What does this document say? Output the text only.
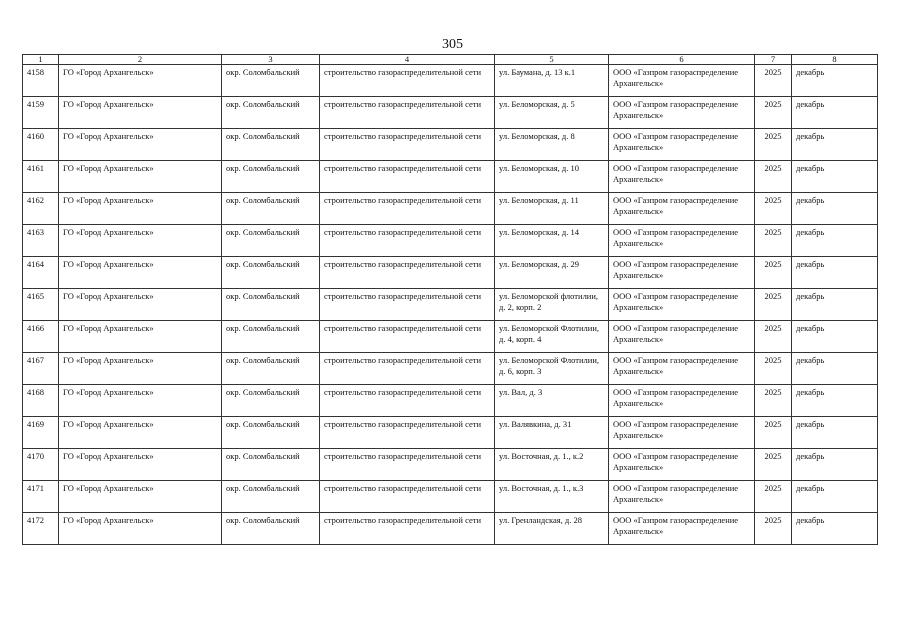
305
1	2	3	4	5	6	7	8
4158	ГО «Город Архангельск»	окр. Соломбальский	строительство газораспределительной сети	ул. Баумана, д. 13 к.1	ООО «Газпром газораспределение Архангельск»	2025	декабрь
4159	ГО «Город Архангельск»	окр. Соломбальский	строительство газораспределительной сети	ул. Беломорская, д. 5	ООО «Газпром газораспределение Архангельск»	2025	декабрь
4160	ГО «Город Архангельск»	окр. Соломбальский	строительство газораспределительной сети	ул. Беломорская, д. 8	ООО «Газпром газораспределение Архангельск»	2025	декабрь
4161	ГО «Город Архангельск»	окр. Соломбальский	строительство газораспределительной сети	ул. Беломорская, д. 10	ООО «Газпром газораспределение Архангельск»	2025	декабрь
4162	ГО «Город Архангельск»	окр. Соломбальский	строительство газораспределительной сети	ул. Беломорская, д. 11	ООО «Газпром газораспределение Архангельск»	2025	декабрь
4163	ГО «Город Архангельск»	окр. Соломбальский	строительство газораспределительной сети	ул. Беломорская, д. 14	ООО «Газпром газораспределение Архангельск»	2025	декабрь
4164	ГО «Город Архангельск»	окр. Соломбальский	строительство газораспределительной сети	ул. Беломорская, д. 29	ООО «Газпром газораспределение Архангельск»	2025	декабрь
4165	ГО «Город Архангельск»	окр. Соломбальский	строительство газораспределительной сети	ул. Беломорской флотилии, д. 2, корп. 2	ООО «Газпром газораспределение Архангельск»	2025	декабрь
4166	ГО «Город Архангельск»	окр. Соломбальский	строительство газораспределительной сети	ул. Беломорской Флотилии, д. 4, корп. 4	ООО «Газпром газораспределение Архангельск»	2025	декабрь
4167	ГО «Город Архангельск»	окр. Соломбальский	строительство газораспределительной сети	ул. Беломорской Флотилии, д. 6, корп. 3	ООО «Газпром газораспределение Архангельск»	2025	декабрь
4168	ГО «Город Архангельск»	окр. Соломбальский	строительство газораспределительной сети	ул. Вал, д. 3	ООО «Газпром газораспределение Архангельск»	2025	декабрь
4169	ГО «Город Архангельск»	окр. Соломбальский	строительство газораспределительной сети	ул. Валявкина, д. 31	ООО «Газпром газораспределение Архангельск»	2025	декабрь
4170	ГО «Город Архангельск»	окр. Соломбальский	строительство газораспределительной сети	ул. Восточная, д. 1., к.2	ООО «Газпром газораспределение Архангельск»	2025	декабрь
4171	ГО «Город Архангельск»	окр. Соломбальский	строительство газораспределительной сети	ул. Восточная, д. 1., к.3	ООО «Газпром газораспределение Архангельск»	2025	декабрь
4172	ГО «Город Архангельск»	окр. Соломбальский	строительство газораспределительной сети	ул. Гренландская, д. 28	ООО «Газпром газораспределение Архангельск»	2025	декабрь
